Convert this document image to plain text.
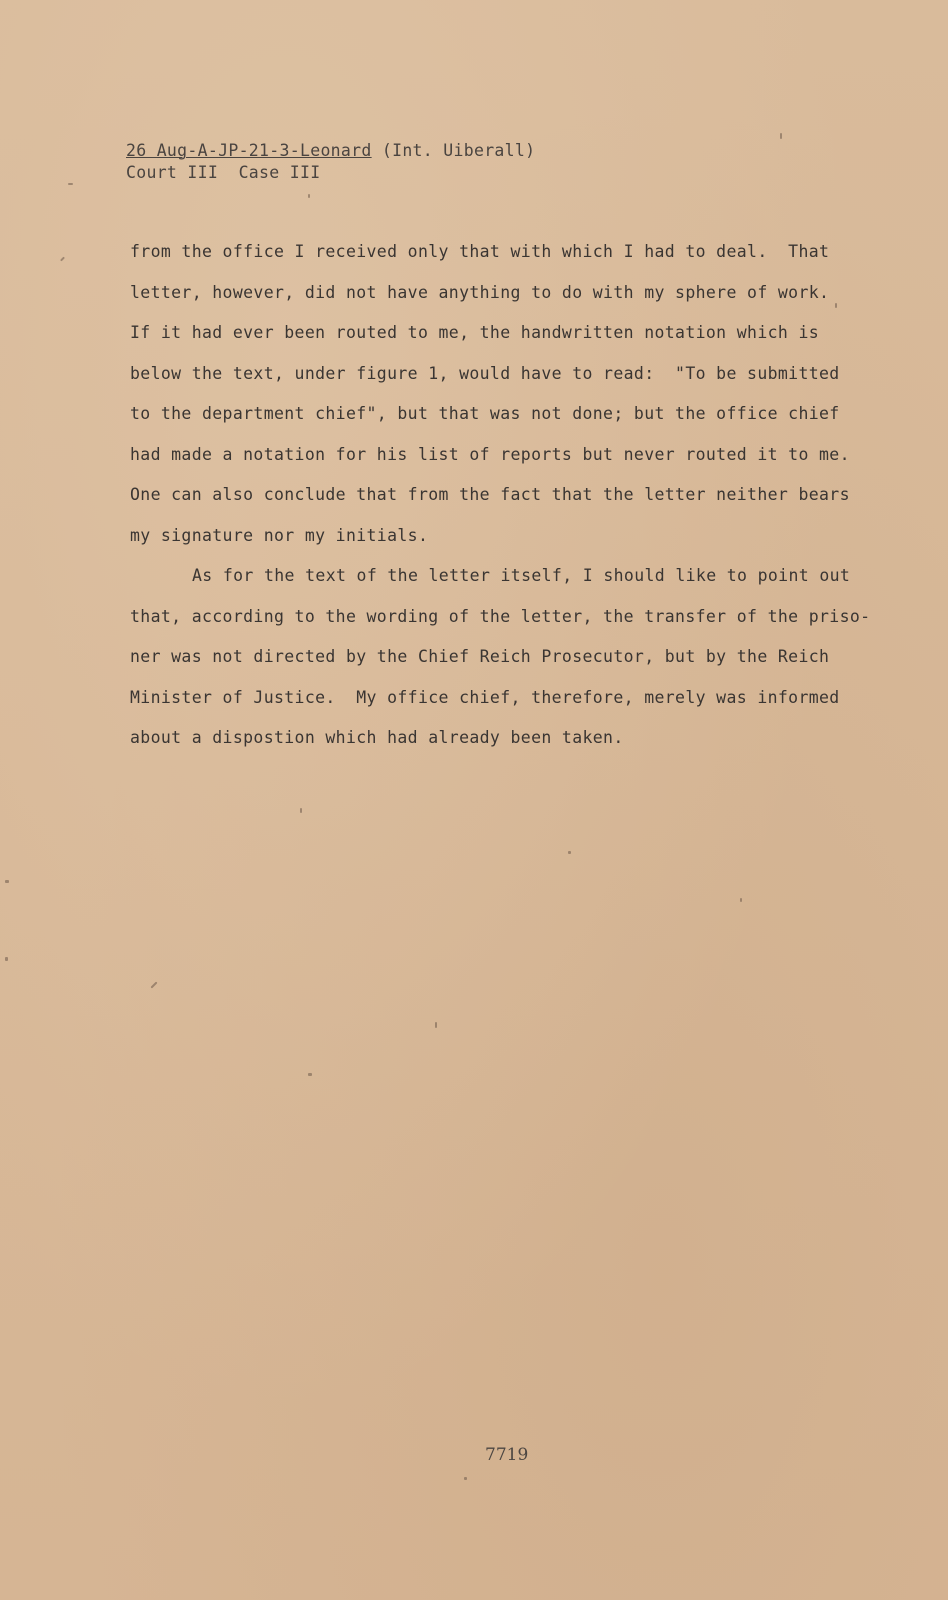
26 Aug-A-JP-21-3-Leonard (Int. Uiberall)
Court III  Case III
from the office I received only that with which I had to deal.  That
letter, however, did not have anything to do with my sphere of work.
If it had ever been routed to me, the handwritten notation which is
below the text, under figure 1, would have to read:  "To be submitted
to the department chief", but that was not done; but the office chief
had made a notation for his list of reports but never routed it to me.
One can also conclude that from the fact that the letter neither bears
my signature nor my initials.
As for the text of the letter itself, I should like to point out
that, according to the wording of the letter, the transfer of the priso-
ner was not directed by the Chief Reich Prosecutor, but by the Reich
Minister of Justice.  My office chief, therefore, merely was informed
about a dispostion which had already been taken.
7719
